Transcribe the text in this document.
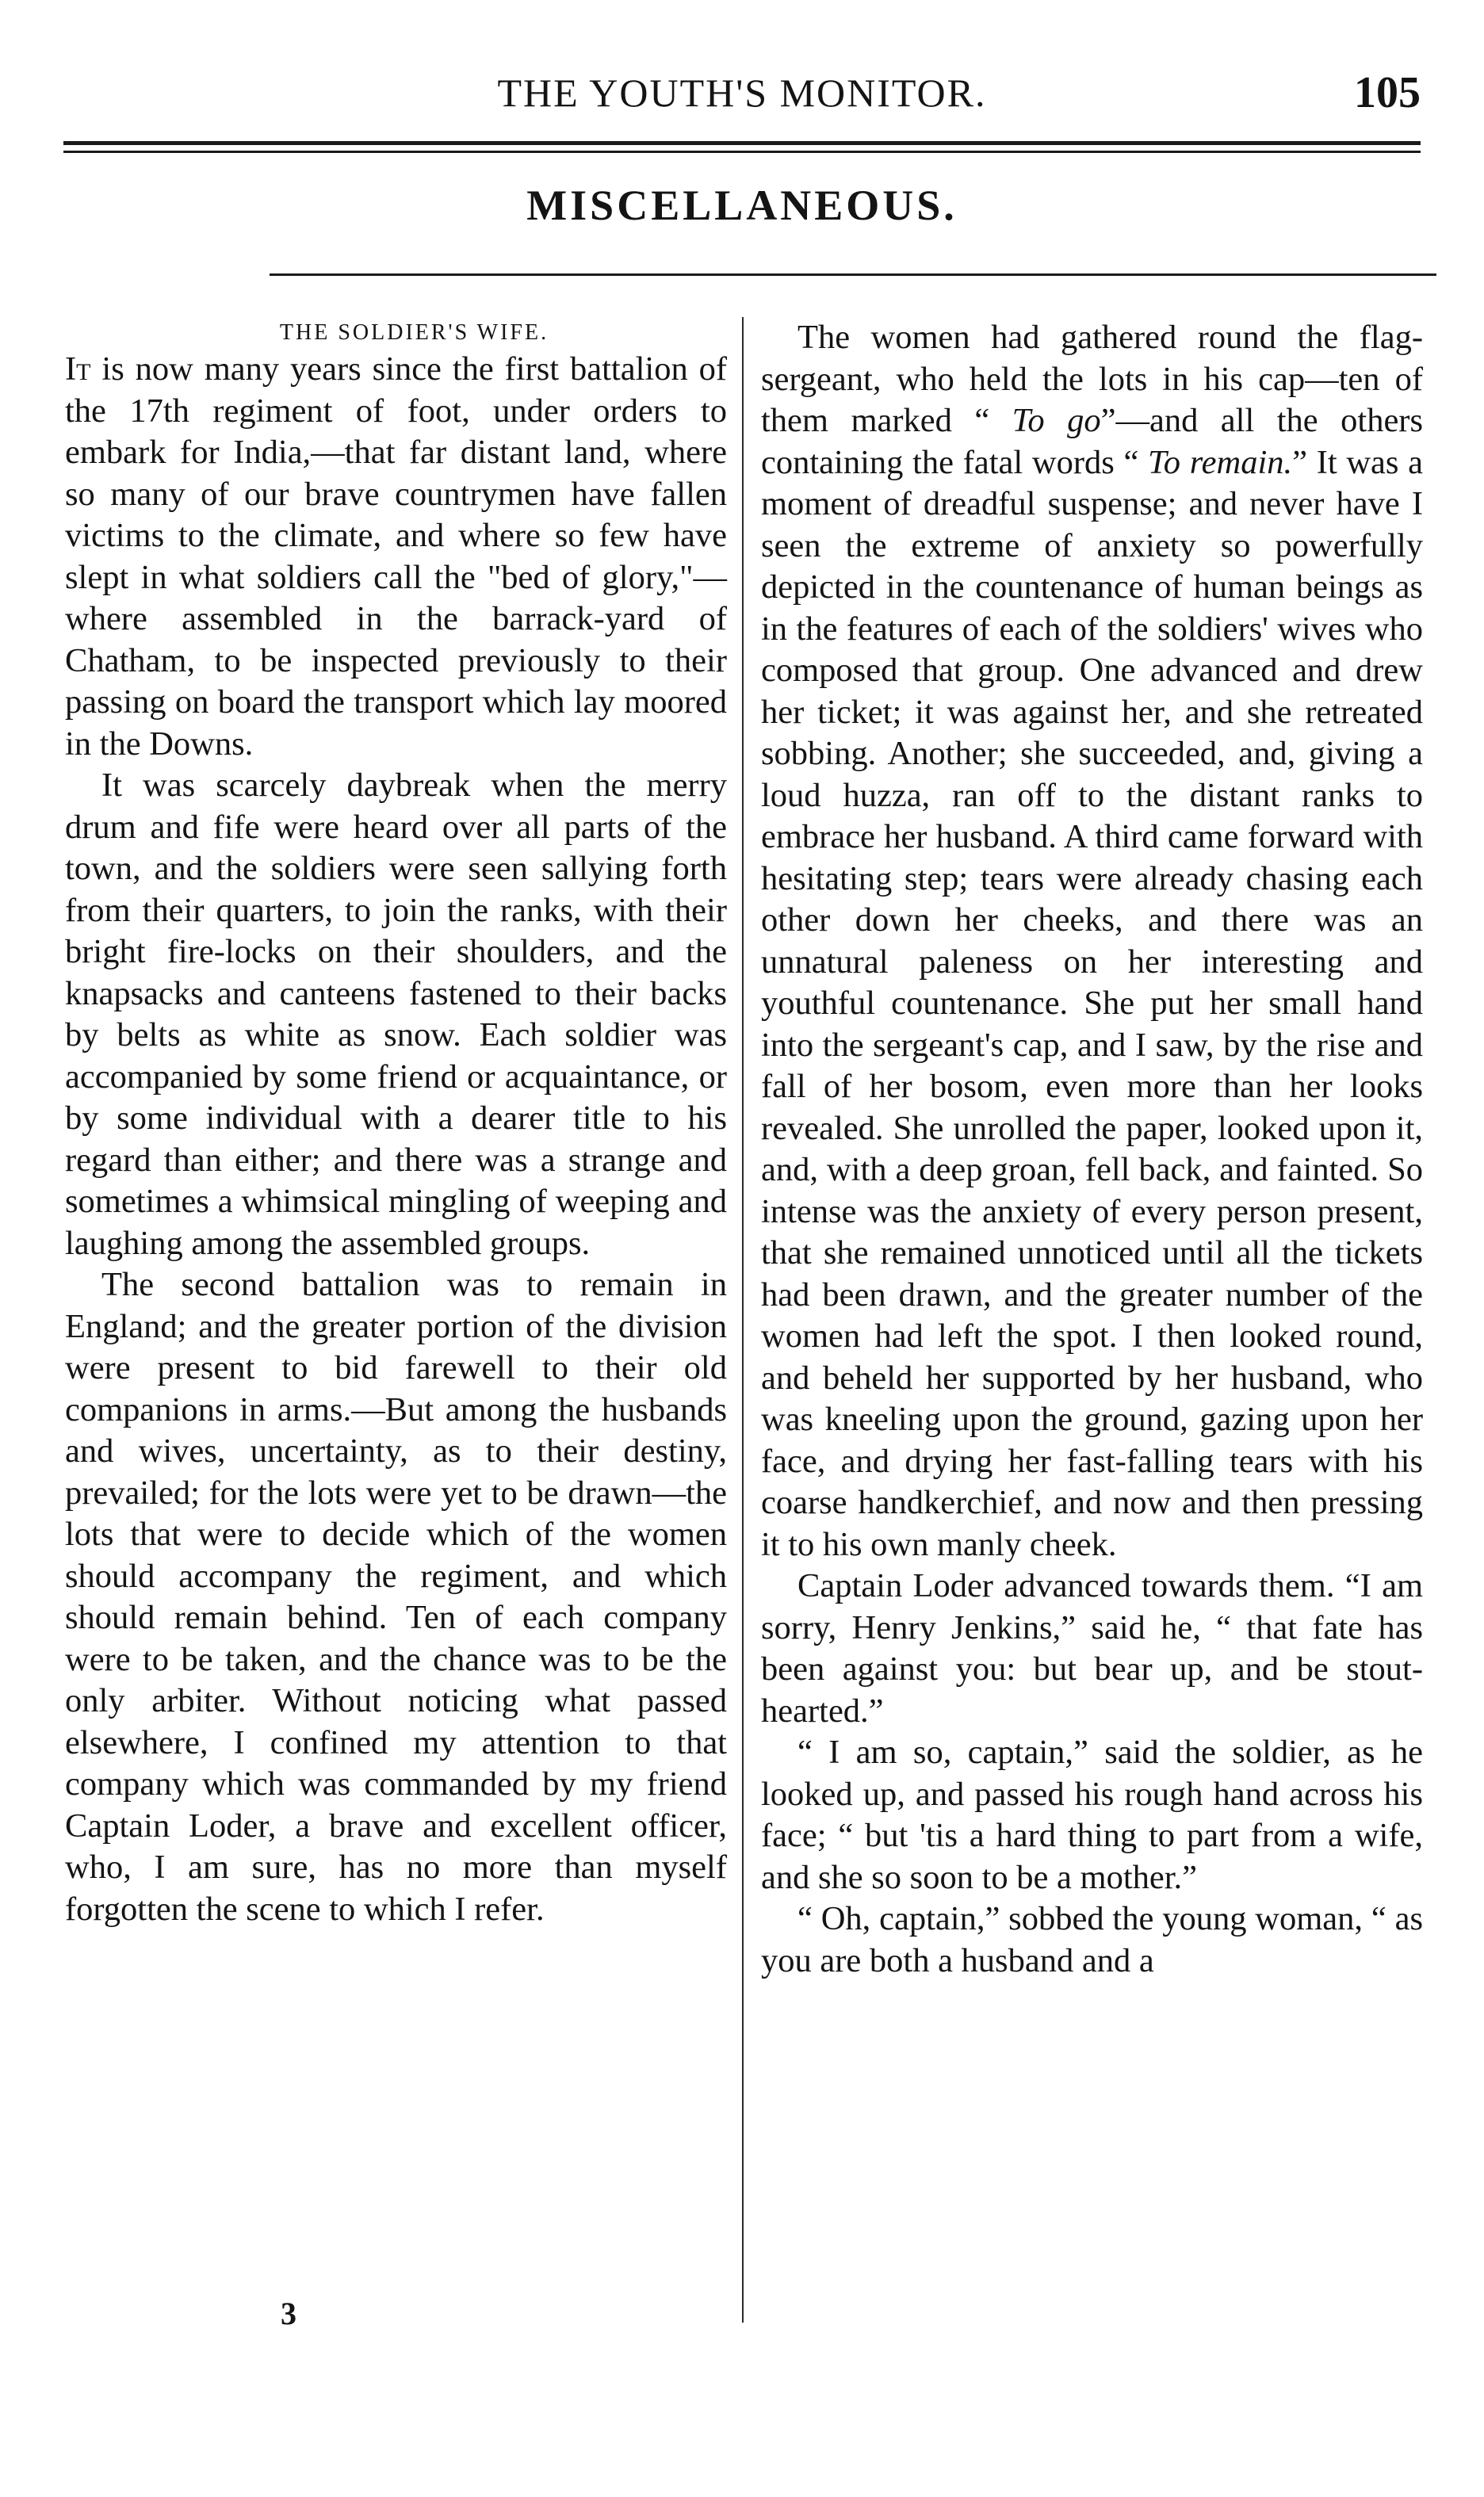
THE YOUTH'S MONITOR.	105
MISCELLANEOUS.

THE SOLDIER'S WIFE.

It is now many years since the first battalion of the 17th regiment of foot, under orders to embark for India,—that far distant land, where so many of our brave countrymen have fallen victims to the climate, and where so few have slept in what soldiers call the "bed of glory,"—where assembled in the barrack-yard of Chatham, to be inspected previously to their passing on board the transport which lay moored in the Downs.

It was scarcely daybreak when the merry drum and fife were heard over all parts of the town, and the soldiers were seen sallying forth from their quarters, to join the ranks, with their bright fire-locks on their shoulders, and the knapsacks and canteens fastened to their backs by belts as white as snow. Each soldier was accompanied by some friend or acquaintance, or by some individual with a dearer title to his regard than either; and there was a strange and sometimes a whimsical mingling of weeping and laughing among the assembled groups.

The second battalion was to remain in England; and the greater portion of the division were present to bid farewell to their old companions in arms.—But among the husbands and wives, uncertainty, as to their destiny, prevailed; for the lots were yet to be drawn—the lots that were to decide which of the women should accompany the regiment, and which should remain behind. Ten of each company were to be taken, and the chance was to be the only arbiter. Without noticing what passed elsewhere, I confined my attention to that company which was commanded by my friend Captain Loder, a brave and excellent officer, who, I am sure, has no more than myself forgotten the scene to which I refer.

The women had gathered round the flag-sergeant, who held the lots in his cap—ten of them marked “ To go”—and all the others containing the fatal words “ To remain.” It was a moment of dreadful suspense; and never have I seen the extreme of anxiety so powerfully depicted in the countenance of human beings as in the features of each of the soldiers' wives who composed that group. One advanced and drew her ticket; it was against her, and she retreated sobbing. Another; she succeeded, and, giving a loud huzza, ran off to the distant ranks to embrace her husband. A third came forward with hesitating step; tears were already chasing each other down her cheeks, and there was an unnatural paleness on her interesting and youthful countenance. She put her small hand into the sergeant's cap, and I saw, by the rise and fall of her bosom, even more than her looks revealed. She unrolled the paper, looked upon it, and, with a deep groan, fell back, and fainted. So intense was the anxiety of every person present, that she remained unnoticed until all the tickets had been drawn, and the greater number of the women had left the spot. I then looked round, and beheld her supported by her husband, who was kneeling upon the ground, gazing upon her face, and drying her fast-falling tears with his coarse handkerchief, and now and then pressing it to his own manly cheek.

Captain Loder advanced towards them. “I am sorry, Henry Jenkins,” said he, “ that fate has been against you: but bear up, and be stout-hearted.”

“ I am so, captain,” said the soldier, as he looked up, and passed his rough hand across his face; “ but 'tis a hard thing to part from a wife, and she so soon to be a mother.”

“ Oh, captain,” sobbed the young woman, “ as you are both a husband and a

3
